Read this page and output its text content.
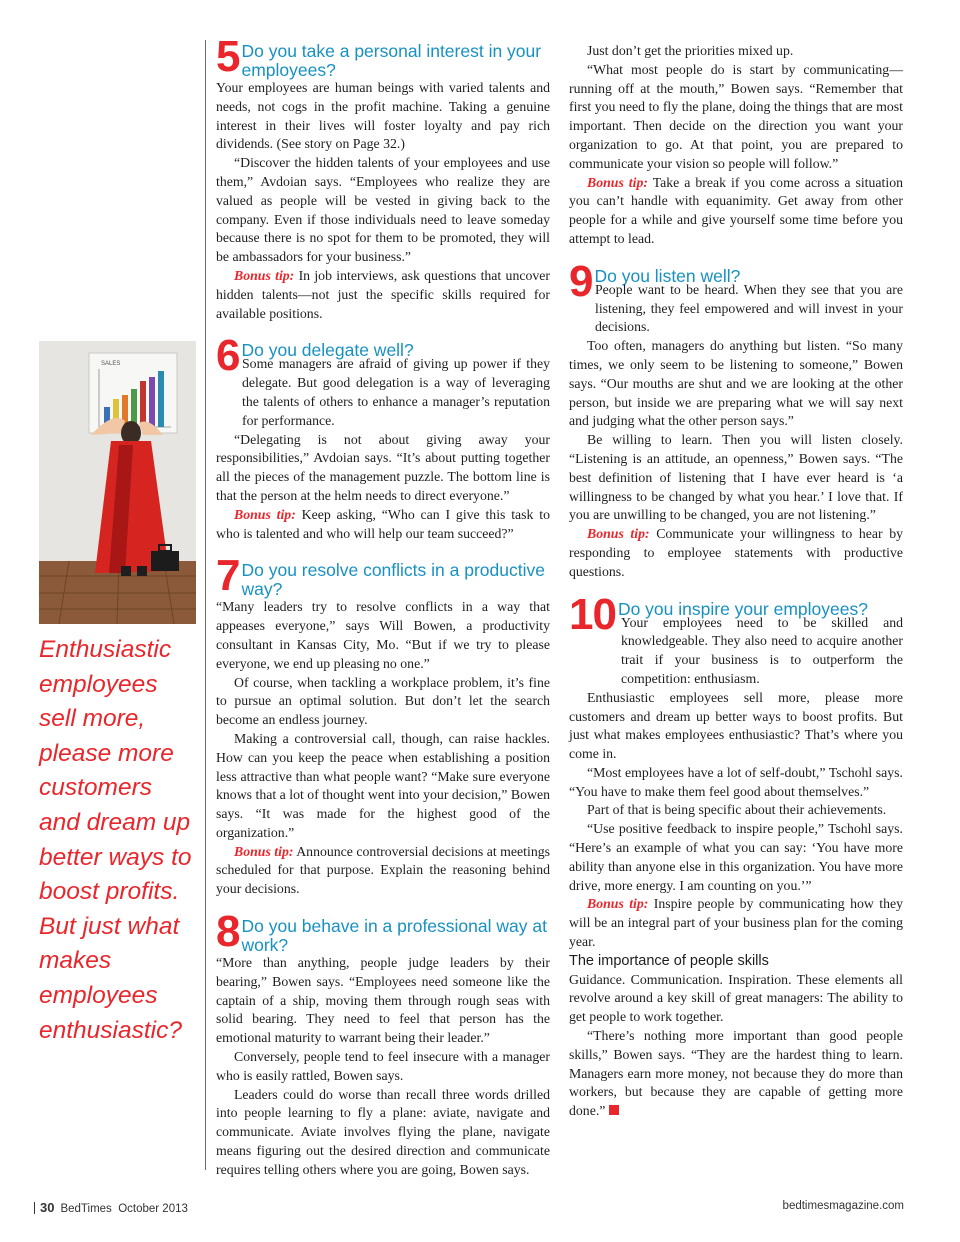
SALES

Enthusiastic employees sell more, please more customers and dream up better ways to boost profits. But just what makes employees enthusiastic?

5 Do you take a personal interest in your employees?

Your employees are human beings with varied talents and needs, not cogs in the profit machine. Taking a genuine interest in their lives will foster loyalty and pay rich dividends. (See story on Page 32.)

“Discover the hidden talents of your employees and use them,” Avdoian says. “Employees who realize they are valued as people will be vested in giving back to the company. Even if those individuals need to leave someday because there is no spot for them to be promoted, they will be ambassadors for your business.”

Bonus tip: In job interviews, ask questions that uncover hidden talents—not just the specific skills required for available positions.

6 Do you delegate well?

Some managers are afraid of giving up power if they delegate. But good delegation is a way of leveraging the talents of others to enhance a manager’s reputation for performance.

“Delegating is not about giving away your responsibilities,” Avdoian says. “It’s about putting together all the pieces of the management puzzle. The bottom line is that the person at the helm needs to direct everyone.”

Bonus tip: Keep asking, “Who can I give this task to who is talented and who will help our team succeed?”

7 Do you resolve conflicts in a productive way?

“Many leaders try to resolve conflicts in a way that appeases everyone,” says Will Bowen, a productivity consultant in Kansas City, Mo. “But if we try to please everyone, we end up pleasing no one.”

Of course, when tackling a workplace problem, it’s fine to pursue an optimal solution. But don’t let the search become an endless journey.

Making a controversial call, though, can raise hackles. How can you keep the peace when establishing a position less attractive than what people want? “Make sure everyone knows that a lot of thought went into your decision,” Bowen says. “It was made for the highest good of the organization.”

Bonus tip: Announce controversial decisions at meetings scheduled for that purpose. Explain the reasoning behind your decisions.

8 Do you behave in a professional way at work?

“More than anything, people judge leaders by their bearing,” Bowen says. “Employees need someone like the captain of a ship, moving them through rough seas with solid bearing. They need to feel that person has the emotional maturity to warrant being their leader.”

Conversely, people tend to feel insecure with a manager who is easily rattled, Bowen says.

Leaders could do worse than recall three words drilled into people learning to fly a plane: aviate, navigate and communicate. Aviate involves flying the plane, navigate means figuring out the desired direction and communicate requires telling others where you are going, Bowen says.

Just don’t get the priorities mixed up.

“What most people do is start by communicating—running off at the mouth,” Bowen says. “Remember that first you need to fly the plane, doing the things that are most important. Then decide on the direction you want your organization to go. At that point, you are prepared to communicate your vision so people will follow.”

Bonus tip: Take a break if you come across a situation you can’t handle with equanimity. Get away from other people for a while and give yourself some time before you attempt to lead.

9 Do you listen well?

People want to be heard. When they see that you are listening, they feel empowered and will invest in your decisions.

Too often, managers do anything but listen. “So many times, we only seem to be listening to someone,” Bowen says. “Our mouths are shut and we are looking at the other person, but inside we are preparing what we will say next and judging what the other person says.”

Be willing to learn. Then you will listen closely. “Listening is an attitude, an openness,” Bowen says. “The best definition of listening that I have ever heard is ‘a willingness to be changed by what you hear.’ I love that. If you are unwilling to be changed, you are not listening.”

Bonus tip: Communicate your willingness to hear by responding to employee statements with productive questions.

10 Do you inspire your employees?

Your employees need to be skilled and knowledgeable. They also need to acquire another trait if your business is to outperform the competition: enthusiasm.

Enthusiastic employees sell more, please more customers and dream up better ways to boost profits. But just what makes employees enthusiastic? That’s where you come in.

“Most employees have a lot of self-doubt,” Tschohl says. “You have to make them feel good about themselves.”

Part of that is being specific about their achievements.

“Use positive feedback to inspire people,” Tschohl says. “Here’s an example of what you can say: ‘You have more ability than anyone else in this organization. You have more drive, more energy. I am counting on you.’”

Bonus tip: Inspire people by communicating how they will be an integral part of your business plan for the coming year.

The importance of people skills

Guidance. Communication. Inspiration. These elements all revolve around a key skill of great managers: The ability to get people to work together.

“There’s nothing more important than good people skills,” Bowen says. “They are the hardest thing to learn. Managers earn more money, not because they do more than workers, but because they are capable of getting more done.”

30 BedTimes October 2013	bedtimesmagazine.com
